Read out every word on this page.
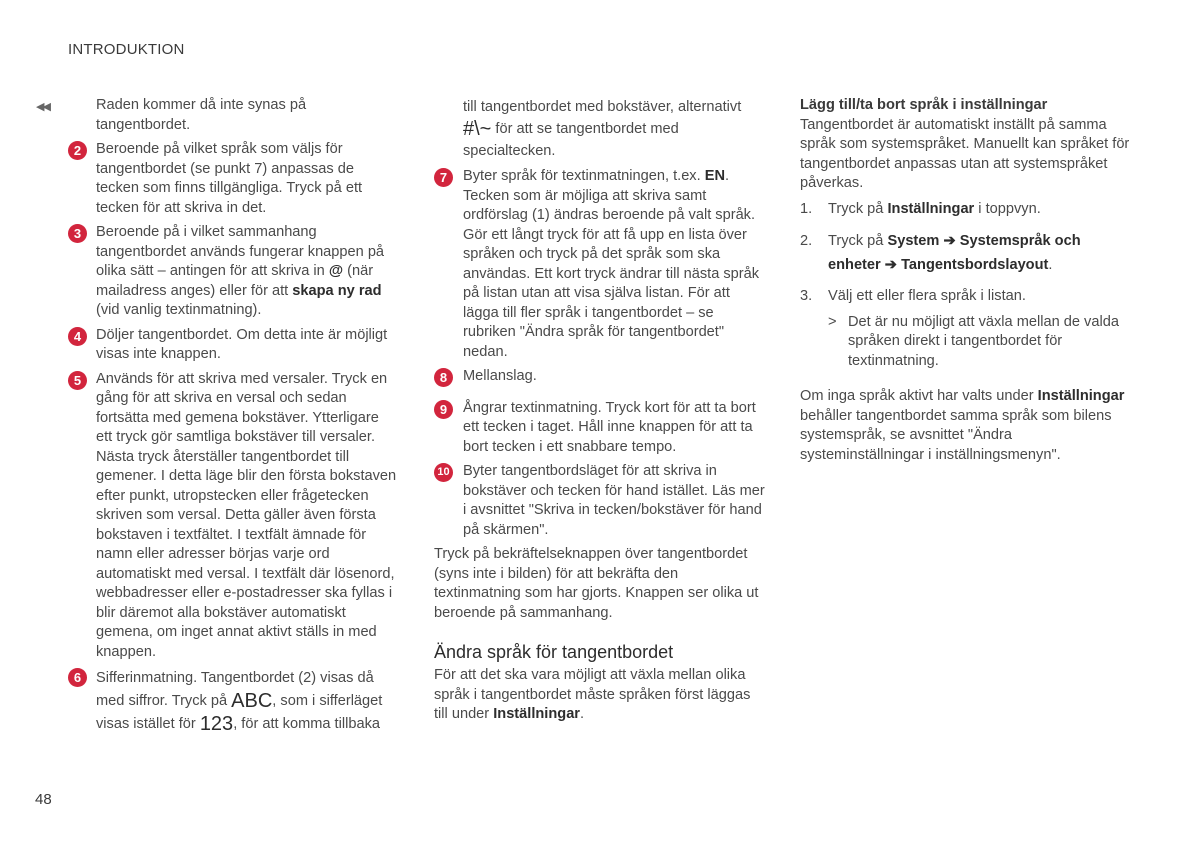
INTRODUKTION
◀◀	Raden kommer då inte synas på tangentbordet.

2	Beroende på vilket språk som väljs för tangentbordet (se punkt 7) anpassas de tecken som finns tillgängliga. Tryck på ett tecken för att skriva in det.

3	Beroende på i vilket sammanhang tangentbordet används fungerar knappen på olika sätt – antingen för att skriva in @ (när mailadress anges) eller för att skapa ny rad (vid vanlig textinmatning).

4	Döljer tangentbordet. Om detta inte är möjligt visas inte knappen.

5	Används för att skriva med versaler. Tryck en gång för att skriva en versal och sedan fortsätta med gemena bokstäver. Ytterligare ett tryck gör samtliga bokstäver till versaler. Nästa tryck återställer tangentbordet till gemener. I detta läge blir den första bokstaven efter punkt, utropstecken eller frågetecken skriven som versal. Detta gäller även första bokstaven i textfältet. I textfält ämnade för namn eller adresser börjas varje ord automatiskt med versal. I textfält där lösenord, webbadresser eller e-postadresser ska fyllas i blir däremot alla bokstäver automatiskt gemena, om inget annat aktivt ställs in med knappen.

6	Sifferinmatning. Tangentbordet (2) visas då med siffror. Tryck på ABC, som i sifferläget visas istället för 123, för att komma tillbaka

till tangentbordet med bokstäver, alternativt
#\~ för att se tangentbordet med specialtecken.
7	Byter språk för textinmatningen, t.ex. EN. Tecken som är möjliga att skriva samt ordförslag (1) ändras beroende på valt språk. Gör ett långt tryck för att få upp en lista över språken och tryck på det språk som ska användas. Ett kort tryck ändrar till nästa språk på listan utan att visa själva listan. För att lägga till fler språk i tangentbordet – se rubriken "Ändra språk för tangentbordet" nedan.

8	Mellanslag.

9	Ångrar textinmatning. Tryck kort för att ta bort ett tecken i taget. Håll inne knappen för att ta bort tecken i ett snabbare tempo.

10 Byter tangentbordsläget för att skriva in bokstäver och tecken för hand istället. Läs mer i avsnittet "Skriva in tecken/bokstäver för hand på skärmen".

Tryck på bekräftelseknappen över tangentbordet (syns inte i bilden) för att bekräfta den textinmatning som har gjorts. Knappen ser olika ut beroende på sammanhang.

Ändra språk för tangentbordet

För att det ska vara möjligt att växla mellan olika språk i tangentbordet måste språken först läggas till under Inställningar.

Lägg till/ta bort språk i inställningar

Tangentbordet är automatiskt inställt på samma språk som systemspråket. Manuellt kan språket för tangentbordet anpassas utan att systemspråket påverkas.

1. Tryck på Inställningar i toppvyn.
2. Tryck på System ➔ Systemspråk och enheter ➔ Tangentsbordslayout.
3. Välj ett eller flera språk i listan.
> Det är nu möjligt att växla mellan de valda språken direkt i tangentbordet för textinmatning.

Om inga språk aktivt har valts under Inställningar behåller tangentbordet samma språk som bilens systemspråk, se avsnittet "Ändra systeminställningar i inställningsmenyn".

48
